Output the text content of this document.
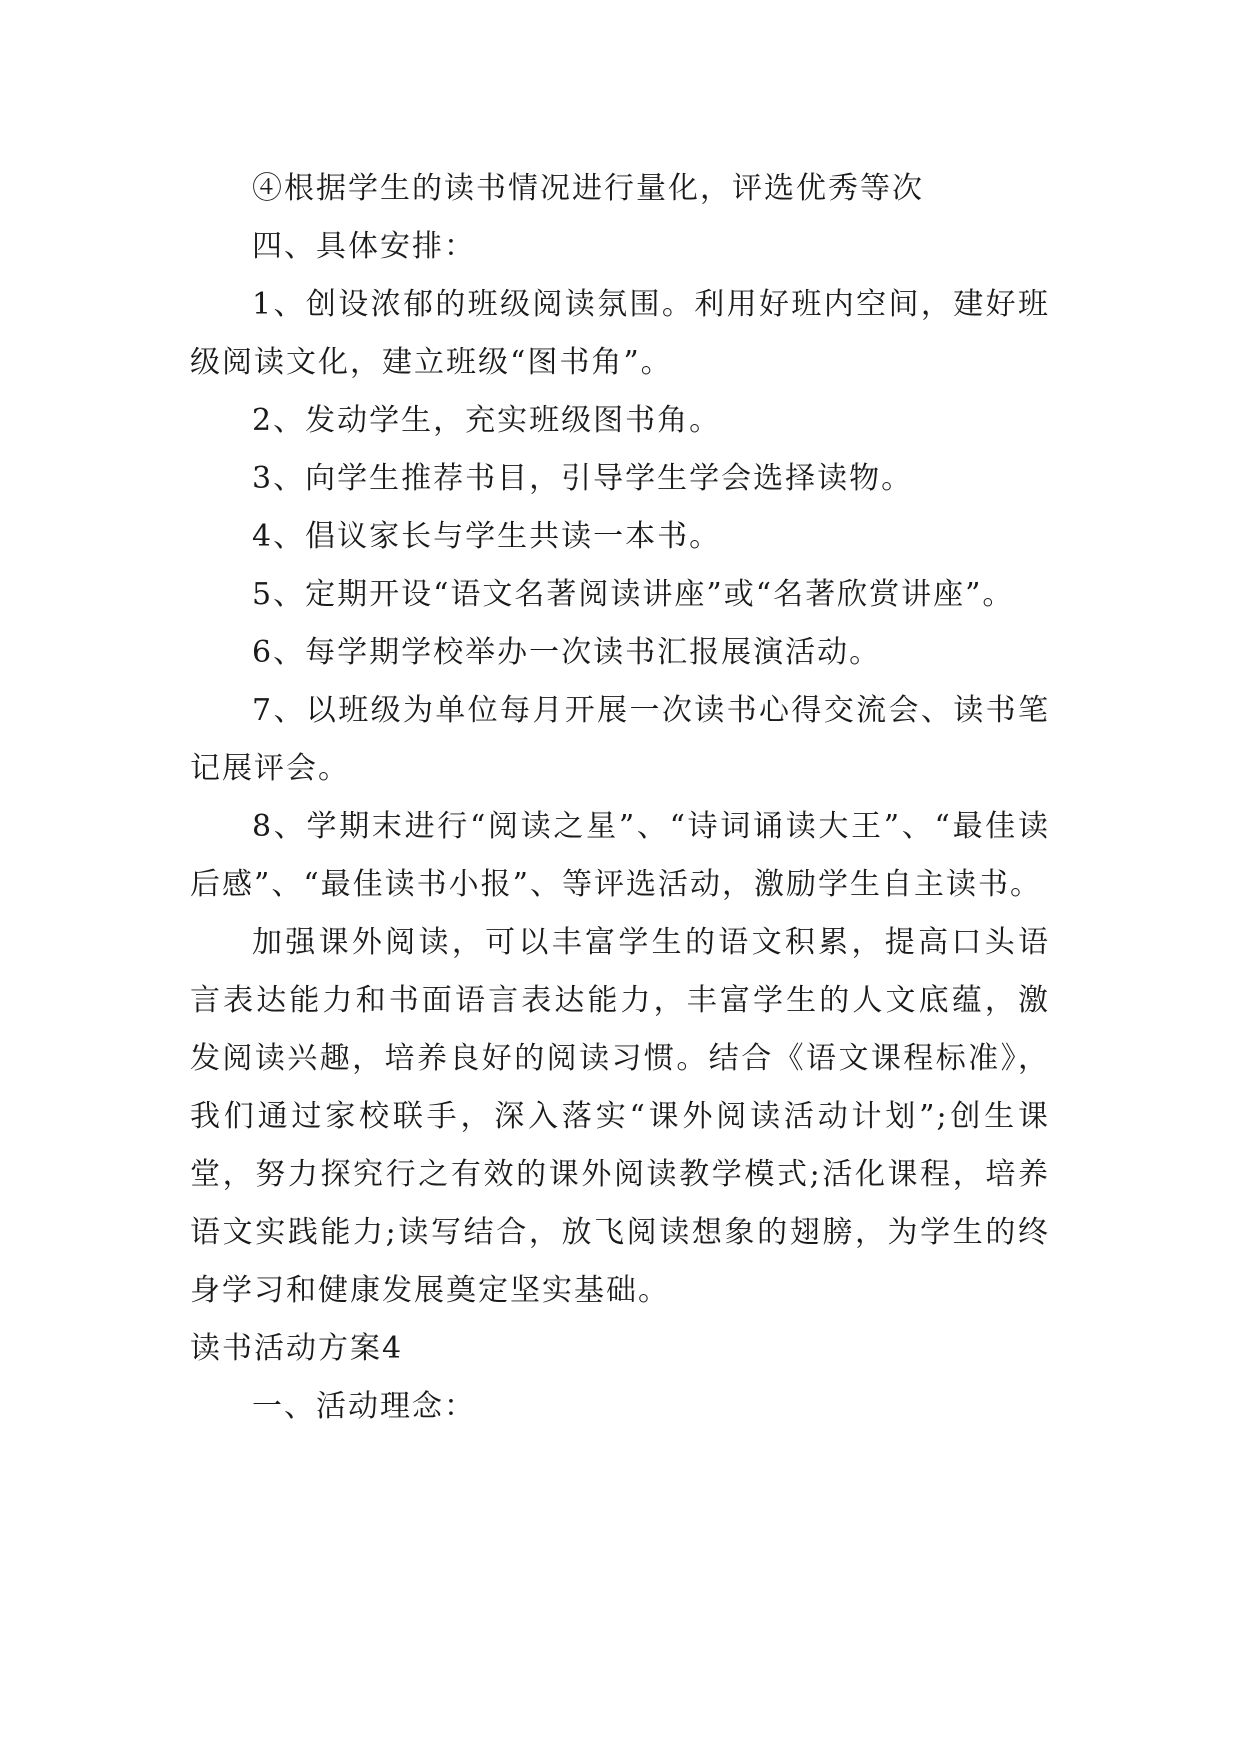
④根据学生的读书情况进行量化，评选优秀等次

四、具体安排：

1、创设浓郁的班级阅读氛围。利用好班内空间，建好班级阅读文化，建立班级“图书角”。

2、发动学生，充实班级图书角。

3、向学生推荐书目，引导学生学会选择读物。

4、倡议家长与学生共读一本书。

5、定期开设“语文名著阅读讲座”或“名著欣赏讲座”。

6、每学期学校举办一次读书汇报展演活动。

7、以班级为单位每月开展一次读书心得交流会、读书笔记展评会。

8、学期末进行“阅读之星”、“诗词诵读大王”、“最佳读后感”、“最佳读书小报”、等评选活动，激励学生自主读书。

加强课外阅读，可以丰富学生的语文积累，提高口头语言表达能力和书面语言表达能力，丰富学生的人文底蕴，激发阅读兴趣，培养良好的阅读习惯。结合《语文课程标准》，我们通过家校联手，深入落实“课外阅读活动计划”;创生课堂，努力探究行之有效的课外阅读教学模式;活化课程，培养语文实践能力;读写结合，放飞阅读想象的翅膀，为学生的终身学习和健康发展奠定坚实基础。

读书活动方案4

一、活动理念：
